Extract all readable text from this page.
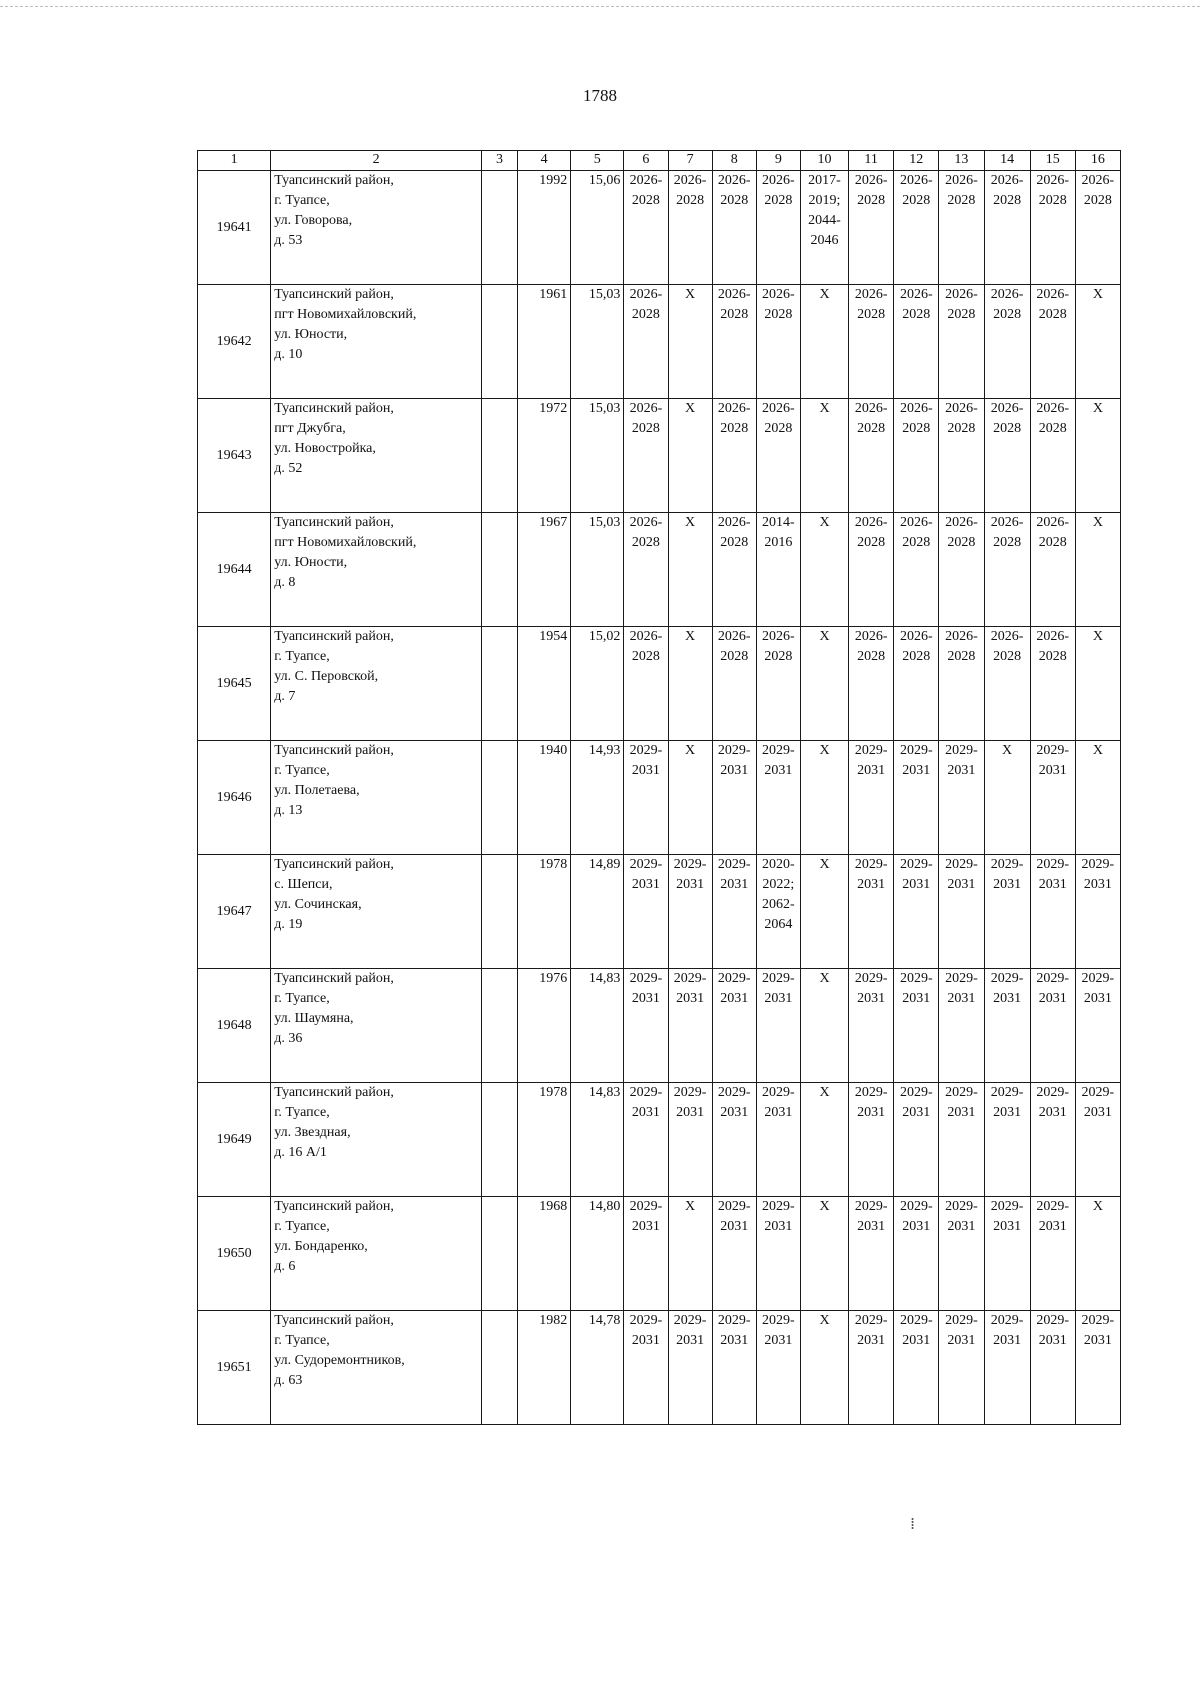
1788
1	2	3	4	5	6	7	8	9	10	11	12	13	14	15	16
19641	Туапсинский район,
г. Туапсе,
ул. Говорова,
д. 53		1992	15,06	2026-
2028	2026-
2028	2026-
2028	2026-
2028	2017-
2019;
2044-
2046	2026-
2028	2026-
2028	2026-
2028	2026-
2028	2026-
2028	2026-
2028
19642	Туапсинский район,
пгт Новомихайловский,
ул. Юности,
д. 10		1961	15,03	2026-
2028	X	2026-
2028	2026-
2028	X	2026-
2028	2026-
2028	2026-
2028	2026-
2028	2026-
2028	X
19643	Туапсинский район,
пгт Джубга,
ул. Новостройка,
д. 52		1972	15,03	2026-
2028	X	2026-
2028	2026-
2028	X	2026-
2028	2026-
2028	2026-
2028	2026-
2028	2026-
2028	X
19644	Туапсинский район,
пгт Новомихайловский,
ул. Юности,
д. 8		1967	15,03	2026-
2028	X	2026-
2028	2014-
2016	X	2026-
2028	2026-
2028	2026-
2028	2026-
2028	2026-
2028	X
19645	Туапсинский район,
г. Туапсе,
ул. С. Перовской,
д. 7		1954	15,02	2026-
2028	X	2026-
2028	2026-
2028	X	2026-
2028	2026-
2028	2026-
2028	2026-
2028	2026-
2028	X
19646	Туапсинский район,
г. Туапсе,
ул. Полетаева,
д. 13		1940	14,93	2029-
2031	X	2029-
2031	2029-
2031	X	2029-
2031	2029-
2031	2029-
2031	X	2029-
2031	X
19647	Туапсинский район,
с. Шепси,
ул. Сочинская,
д. 19		1978	14,89	2029-
2031	2029-
2031	2029-
2031	2020-
2022;
2062-
2064	X	2029-
2031	2029-
2031	2029-
2031	2029-
2031	2029-
2031	2029-
2031
19648	Туапсинский район,
г. Туапсе,
ул. Шаумяна,
д. 36		1976	14,83	2029-
2031	2029-
2031	2029-
2031	2029-
2031	X	2029-
2031	2029-
2031	2029-
2031	2029-
2031	2029-
2031	2029-
2031
19649	Туапсинский район,
г. Туапсе,
ул. Звездная,
д. 16 А/1		1978	14,83	2029-
2031	2029-
2031	2029-
2031	2029-
2031	X	2029-
2031	2029-
2031	2029-
2031	2029-
2031	2029-
2031	2029-
2031
19650	Туапсинский район,
г. Туапсе,
ул. Бондаренко,
д. 6		1968	14,80	2029-
2031	X	2029-
2031	2029-
2031	X	2029-
2031	2029-
2031	2029-
2031	2029-
2031	2029-
2031	X
19651	Туапсинский район,
г. Туапсе,
ул. Судоремонтников,
д. 63		1982	14,78	2029-
2031	2029-
2031	2029-
2031	2029-
2031	X	2029-
2031	2029-
2031	2029-
2031	2029-
2031	2029-
2031	2029-
2031
⁞
